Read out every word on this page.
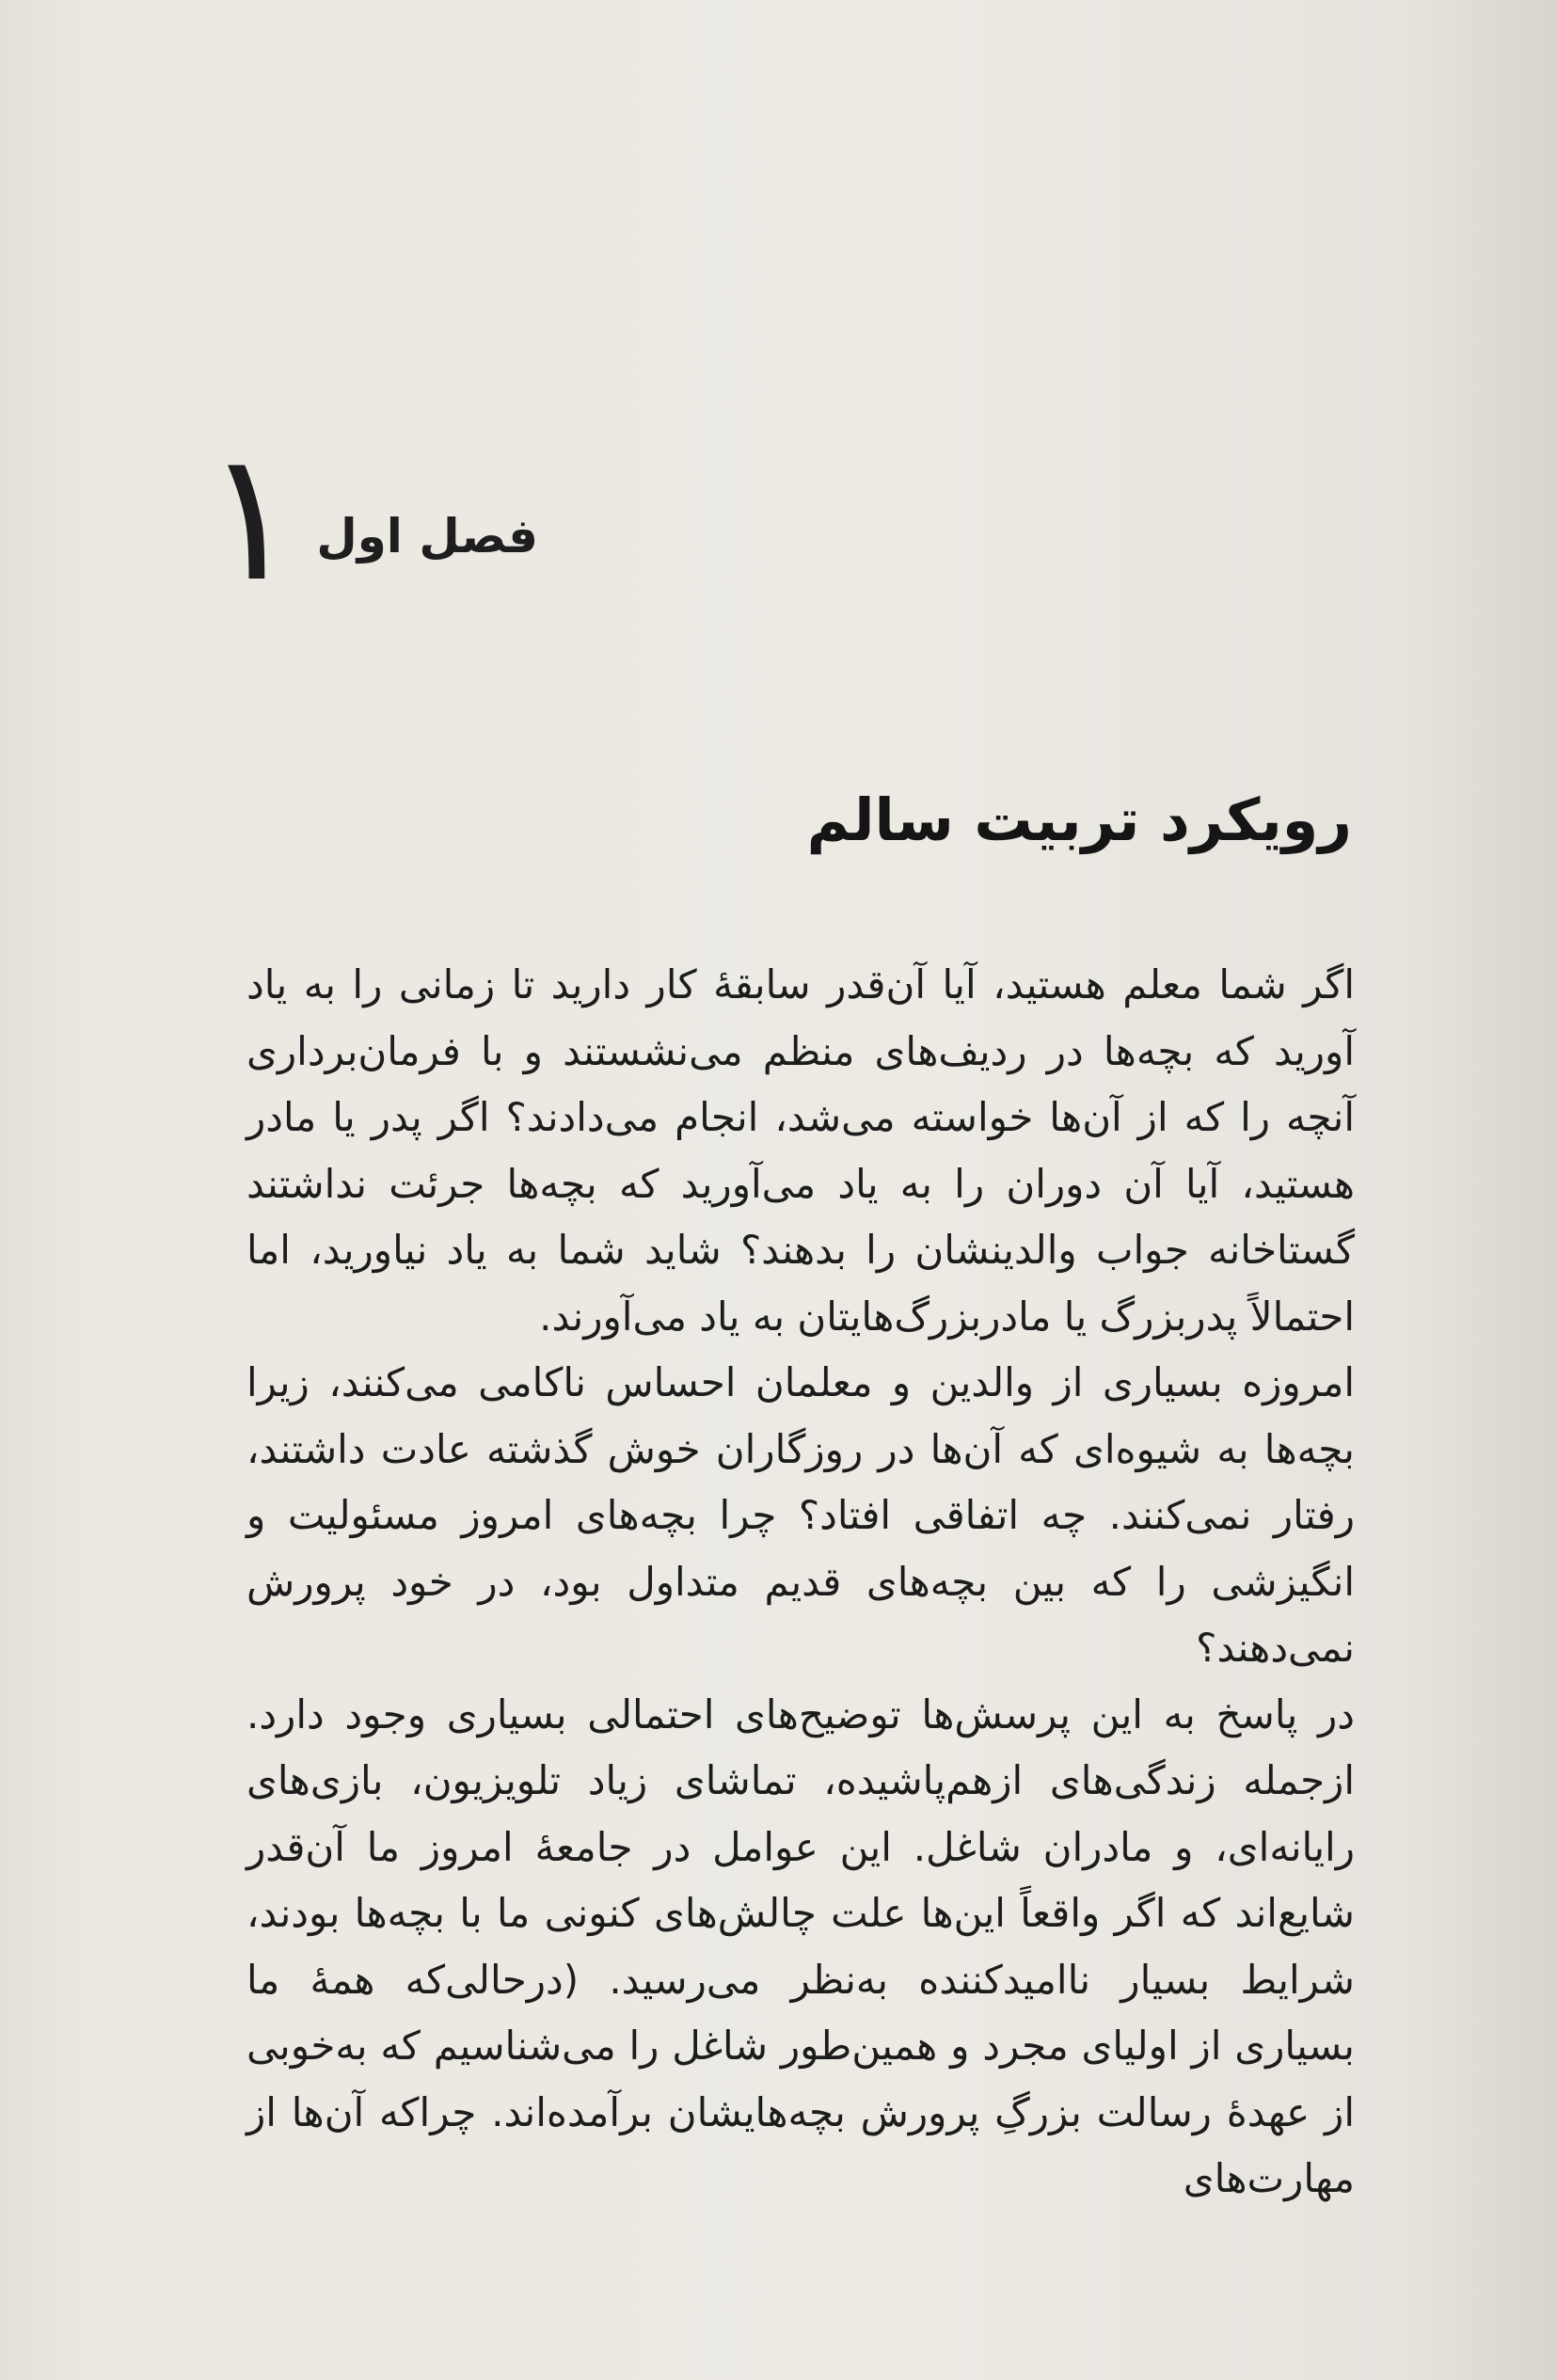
فصل اول
۱
رویکرد تربیت سالم

اگر شما معلم هستید، آیا آن‌قدر سابقهٔ کار دارید تا زمانی را به یاد آورید که بچه‌ها در ردیف‌های منظم می‌نشستند و با فرمان‌برداری آنچه را که از آن‌ها خواسته می‌شد، انجام می‌دادند؟ اگر پدر یا مادر هستید، آیا آن دوران را به یاد می‌آورید که بچه‌ها جرئت نداشتند گستاخانه جواب والدینشان را بدهند؟ شاید شما به یاد نیاورید، اما احتمالاً پدربزرگ یا مادربزرگ‌هایتان به یاد می‌آورند.

امروزه بسیاری از والدین و معلمان احساس ناکامی می‌کنند، زیرا بچه‌ها به شیوه‌ای که آن‌ها در روزگاران خوش گذشته عادت داشتند، رفتار نمی‌کنند. چه اتفاقی افتاد؟ چرا بچه‌های امروز مسئولیت و انگیزشی را که بین بچه‌های قدیم متداول بود، در خود پرورش نمی‌دهند؟

در پاسخ به این پرسش‌ها توضیح‌های احتمالی بسیاری وجود دارد. ازجمله زندگی‌های ازهم‌پاشیده، تماشای زیاد تلویزیون، بازی‌های رایانه‌ای، و مادران شاغل. این عوامل در جامعهٔ امروز ما آن‌قدر شایع‌اند که اگر واقعاً این‌ها علت چالش‌های کنونی ما با بچه‌ها بودند، شرایط بسیار ناامیدکننده به‌نظر می‌رسید. (درحالی‌که همهٔ ما بسیاری از اولیای مجرد و همین‌طور شاغل را می‌شناسیم که به‌خوبی از عهدهٔ رسالت بزرگِ پرورش بچه‌هایشان برآمده‌اند. چراکه آن‌ها از مهارت‌های
